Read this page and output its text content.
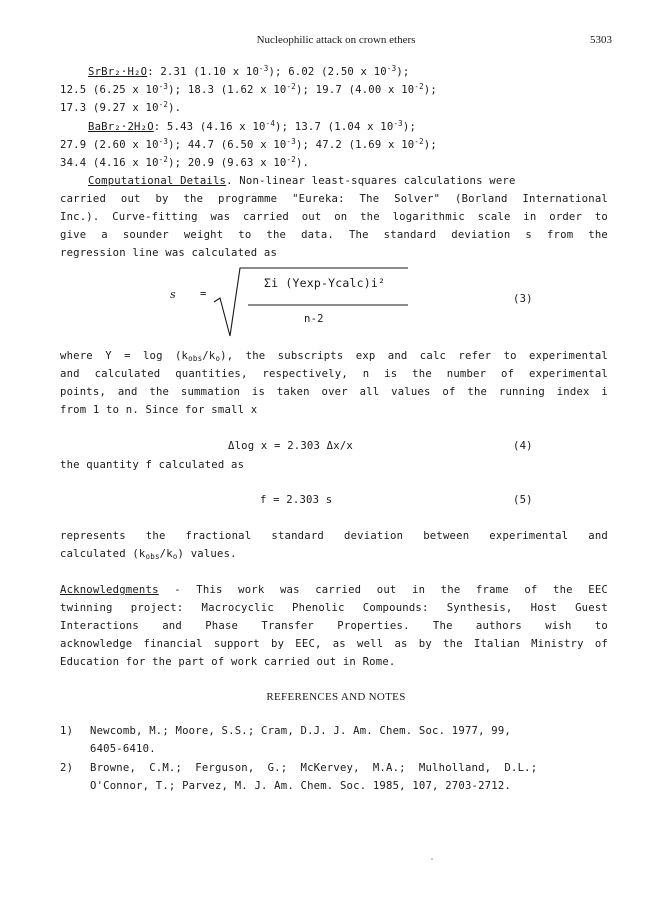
Nucleophilic attack on crown ethers	5303
SrBr₂·H₂O: 2.31 (1.10 x $10^{-3}$); 6.02 (2.50 x $10^{-3}$);
12.5 (6.25 x $10^{-3}$); 18.3 (1.62 x $10^{-2}$); 19.7 (4.00 x $10^{-2}$);
17.3 (9.27 x $10^{-2}$).
BaBr₂·2H₂O: 5.43 (4.16 x $10^{-4}$); 13.7 (1.04 x $10^{-3}$);
27.9 (2.60 x $10^{-3}$); 44.7 (6.50 x $10^{-3}$); 47.2 (1.69 x $10^{-2}$);
34.4 (4.16 x $10^{-2}$); 20.9 (9.63 x $10^{-2}$).
Computational Details. Non-linear least-squares calculations were
carried out by the programme "Eureka: The Solver" (Borland International
Inc.). Curve-fitting was carried out on the logarithmic scale in order to
give a sounder weight to the data. The standard deviation s from the
regression line was calculated as
s =
Σi (Yexp-Ycalc)i²
n-2
(3)
where $Y = \log (k_{obs}/k_o)$, the subscripts exp and calc refer to experimental
and calculated quantities, respectively, n is the number of experimental
points, and the summation is taken over all values of the running index i
from 1 to n. Since for small x
Δlog x = 2.303 Δx/x	(4)
the quantity f calculated as
f = 2.303 s	(5)
represents the fractional standard deviation between experimental and
calculated $(k_{obs}/k_o)$ values.
Acknowledgments - This work was carried out in the frame of the EEC
twinning project: Macrocyclic Phenolic Compounds: Synthesis, Host Guest
Interactions and Phase Transfer Properties. The authors wish to
acknowledge financial support by EEC, as well as by the Italian Ministry of
Education for the part of work carried out in Rome.
REFERENCES AND NOTES
1) Newcomb, M.; Moore, S.S.; Cram, D.J. J. Am. Chem. Soc. 1977, 99,
6405-6410.
2) Browne,  C.M.;  Ferguson,  G.;  McKervey,  M.A.;  Mulholland,  D.L.;
O'Connor, T.; Parvez, M. J. Am. Chem. Soc. 1985, 107, 2703-2712.
